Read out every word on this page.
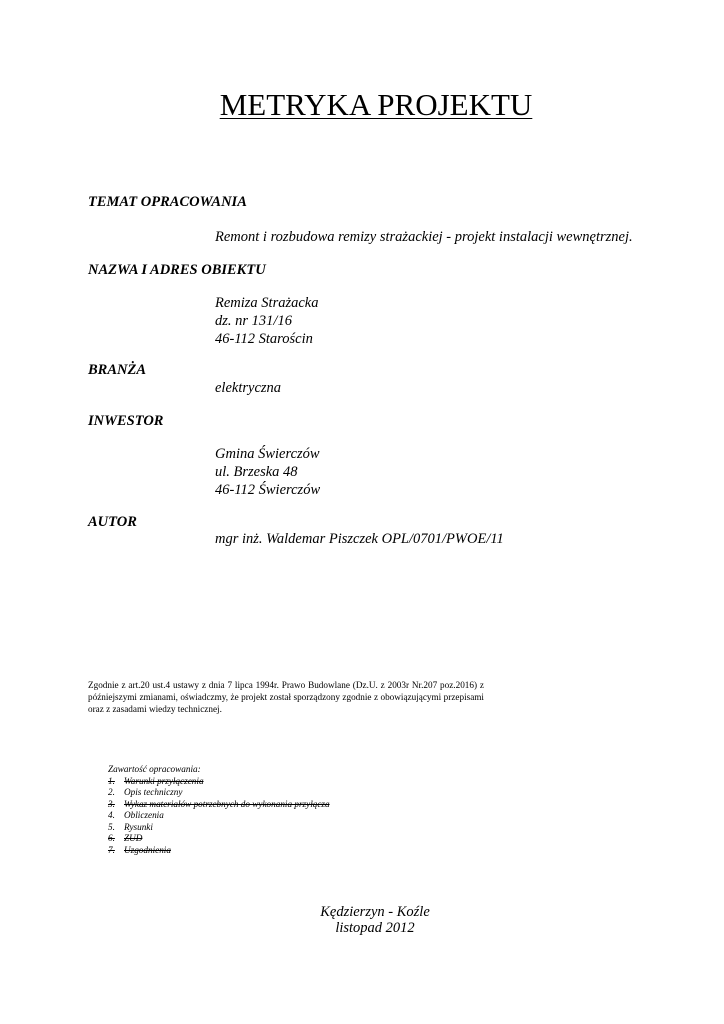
METRYKA PROJEKTU
TEMAT OPRACOWANIA
Remont i rozbudowa remizy strażackiej - projekt instalacji wewnętrznej.
NAZWA I ADRES OBIEKTU
Remiza Strażacka
dz. nr 131/16
46-112 Starościn
BRANŻA
elektryczna
INWESTOR
Gmina Świerczów
ul. Brzeska 48
46-112 Świerczów
AUTOR
mgr inż. Waldemar Piszczek OPL/0701/PWOE/11
Zgodnie z art.20 ust.4 ustawy z dnia 7 lipca 1994r. Prawo Budowlane (Dz.U. z 2003r Nr.207 poz.2016) z późniejszymi zmianami, oświadczmy, że projekt został sporządzony zgodnie z obowiązującymi przepisami oraz z zasadami wiedzy technicznej.
Zawartość opracowania:
1. Warunki przyłączenia
2. Opis techniczny
3. Wykaz materiałów potrzebnych do wykonania przyłącza
4. Obliczenia
5. Rysunki
6. ZUD
7. Uzgodnienia
Kędzierzyn - Koźle
listopad 2012
